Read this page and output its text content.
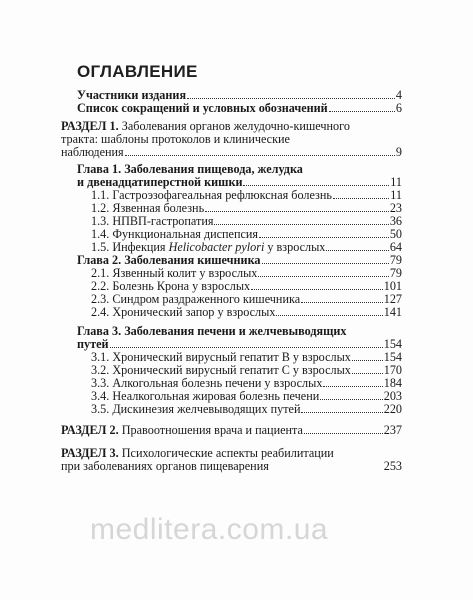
ОГЛАВЛЕНИЕ
Участники издания	4
Список сокращений и условных обозначений	6
РАЗДЕЛ 1. Заболевания органов желудочно-кишечного
тракта: шаблоны протоколов и клинические
наблюдения	9
Глава 1. Заболевания пищевода, желудка
и двенадцатиперстной кишки	11
1.1. Гастроэзофагеальная рефлюксная болезнь	11
1.2. Язвенная болезнь	23
1.3. НПВП-гастропатия	36
1.4. Функциональная диспепсия	50
1.5. Инфекция Helicobacter pylori у взрослых	64
Глава 2. Заболевания кишечника	79
2.1. Язвенный колит у взрослых	79
2.2. Болезнь Крона у взрослых	101
2.3. Синдром раздраженного кишечника	127
2.4. Хронический запор у взрослых	141
Глава 3. Заболевания печени и желчевыводящих
путей	154
3.1. Хронический вирусный гепатит В у взрослых	154
3.2. Хронический вирусный гепатит С у взрослых	170
3.3. Алкогольная болезнь печени у взрослых	184
3.4. Неалкогольная жировая болезнь печени	203
3.5. Дискинезия желчевыводящих путей	220
РАЗДЕЛ 2. Правоотношения врача и пациента	237
РАЗДЕЛ 3. Психологические аспекты реабилитации
при заболеваниях органов пищеварения	253
medlitera.com.ua
